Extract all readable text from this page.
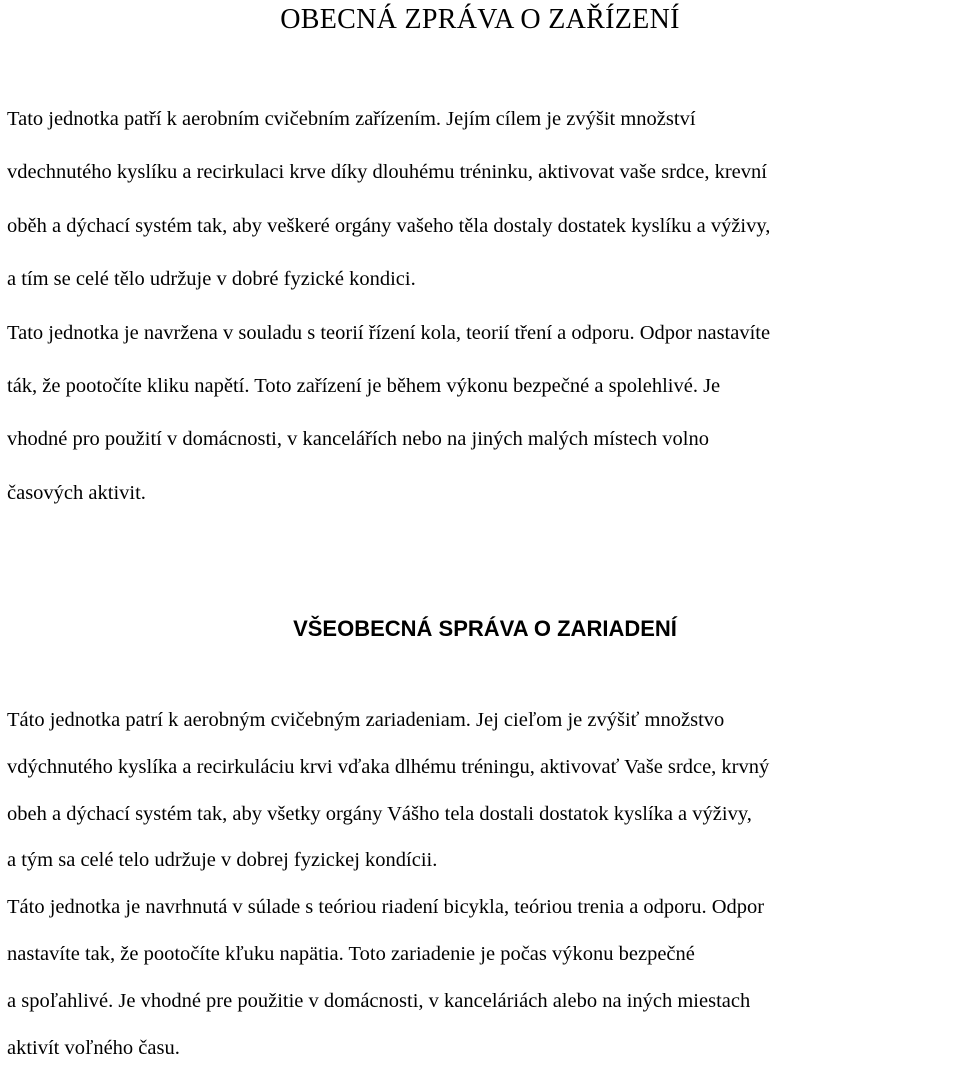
OBECNÁ ZPRÁVA O ZAŘÍZENÍ
Tato jednotka patří k aerobním cvičebním zařízením. Jejím cílem je zvýšit množství
vdechnutého kyslíku a recirkulaci krve díky dlouhému tréninku, aktivovat vaše srdce, krevní
oběh a dýchací systém tak, aby veškeré orgány vašeho těla dostaly dostatek kyslíku a výživy,
a tím se celé tělo udržuje v dobré fyzické kondici.
Tato jednotka je navržena v souladu s teorií řízení kola, teorií tření a odporu. Odpor nastavíte
ták, že pootočíte kliku napětí. Toto zařízení je během výkonu bezpečné a spolehlivé. Je
vhodné pro použití v domácnosti, v kancelářích nebo na jiných malých místech volno
časových aktivit.
VŠEOBECNÁ SPRÁVA O ZARIADENÍ
Táto jednotka patrí k aerobným cvičebným zariadeniam. Jej cieľom je zvýšiť množstvo
vdýchnutého kyslíka a recirkuláciu krvi vďaka dlhému tréningu, aktivovať Vaše srdce, krvný
obeh a dýchací systém tak, aby všetky orgány Vášho tela dostali dostatok kyslíka a výživy,
a tým sa celé telo udržuje v dobrej fyzickej kondícii.
Táto jednotka je navrhnutá v súlade s teóriou riadení bicykla, teóriou trenia a odporu. Odpor
nastavíte tak, že pootočíte kľuku napätia. Toto zariadenie je počas výkonu bezpečné
a spoľahlivé. Je vhodné pre použitie v domácnosti, v kanceláriách alebo na iných miestach
aktivít voľného času.
